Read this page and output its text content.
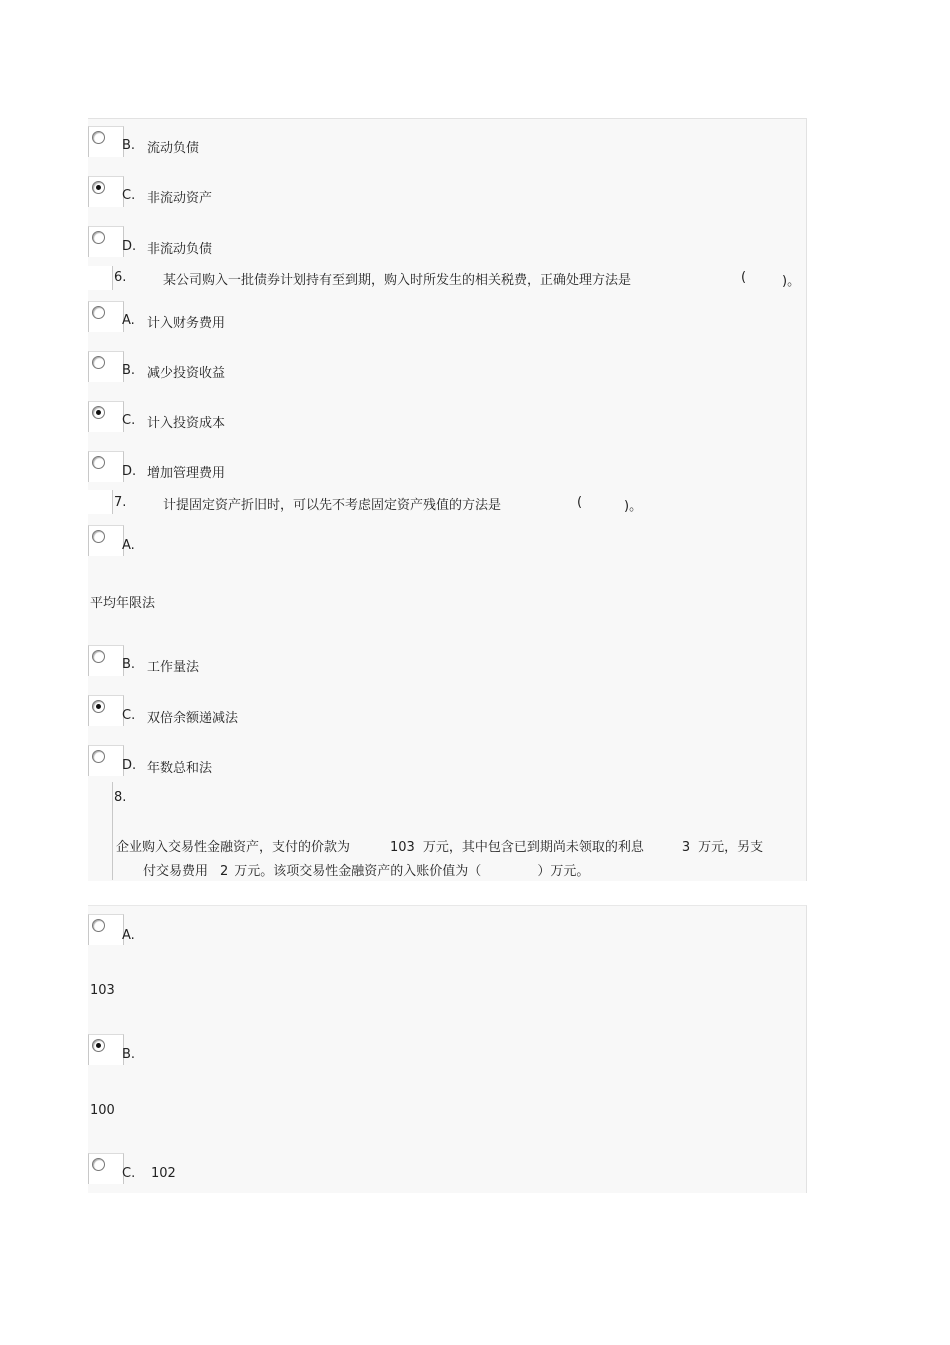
B. 流动负债
C. 非流动资产
D. 非流动负债
6.	某公司购入一批债券计划持有至到期，购入时所发生的相关税费，正确处理方法是	(	)。
A. 计入财务费用
B. 减少投资收益
C. 计入投资成本
D. 增加管理费用
7.	计提固定资产折旧时，可以先不考虑固定资产残值的方法是	(	)。
A.
平均年限法
B. 工作量法
C. 双倍余额递减法
D. 年数总和法
8.
企业购入交易性金融资产，支付的价款为	103 万元，其中包含已到期尚未领取的利息	3 万元，另支
付交易费用 2 万元。该项交易性金融资产的入账价值为（	）万元。
A.
103
B.
100
C. 102
